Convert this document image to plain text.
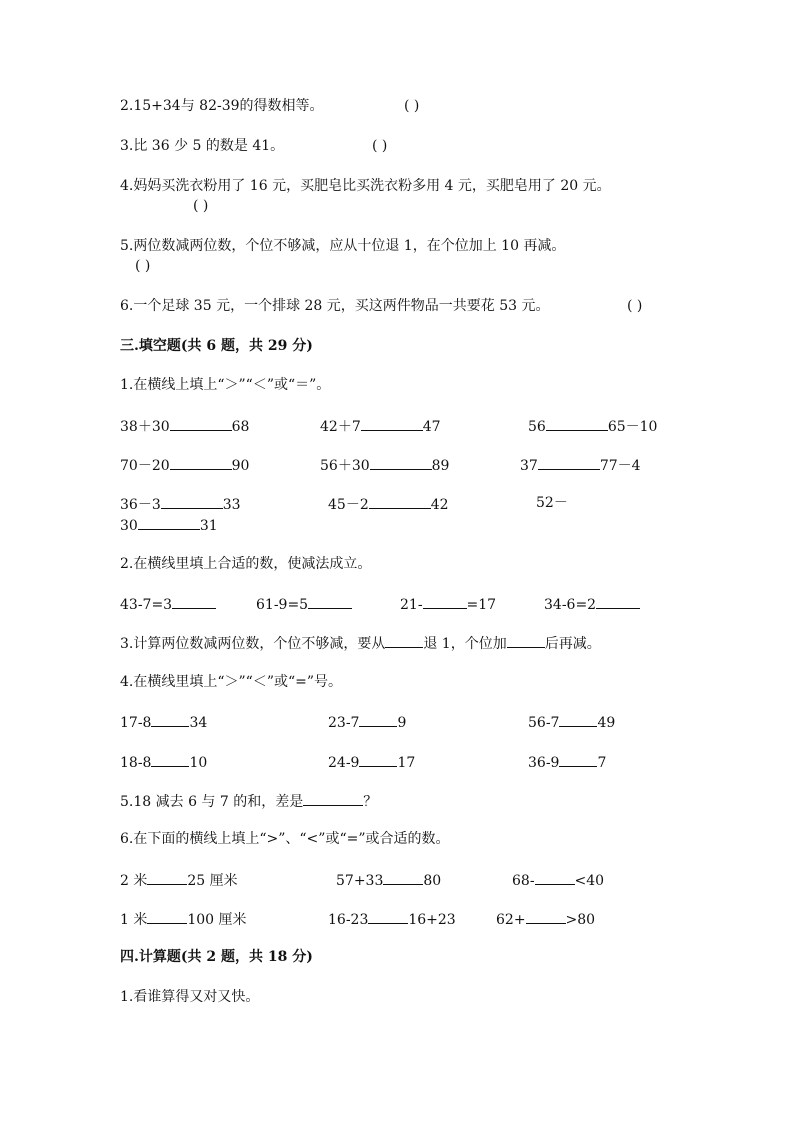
2.15+34与 82-39的得数相等。	( )
3.比 36 少 5 的数是 41。	( )
4.妈妈买洗衣粉用了 16 元，买肥皂比买洗衣粉多用 4 元，买肥皂用了 20 元。
( )
5.两位数减两位数，个位不够减，应从十位退 1，在个位加上 10 再减。
( )
6.一个足球 35 元，一个排球 28 元，买这两件物品一共要花 53 元。	( )
三.填空题(共 6 题，共 29 分)
1.在横线上填上“＞”“＜”或“＝”。
38＋30	68	42＋7	47	56	65－10
70－20	90	56＋30	89	37	77－4
36－3	33	45－2	42	52－
30	31
2.在横线里填上合适的数，使减法成立。
43-7=3	61-9=5	21-	=17	34-6=2
3.计算两位数减两位数，个位不够减，要从	退 1，个位加	后再减。
4.在横线里填上“＞”“＜”或“=”号。
17-8	34	23-7	9	56-7	49
18-8	10	24-9	17	36-9	7
5.18 减去 6 与 7 的和，差是	？
6.在下面的横线上填上“>”、“<”或“=”或合适的数。
2 米	25 厘米	57+33	80	68-	<40
1 米	100 厘米	16-23	16+23	62+	>80
四.计算题(共 2 题，共 18 分)
1.看谁算得又对又快。
